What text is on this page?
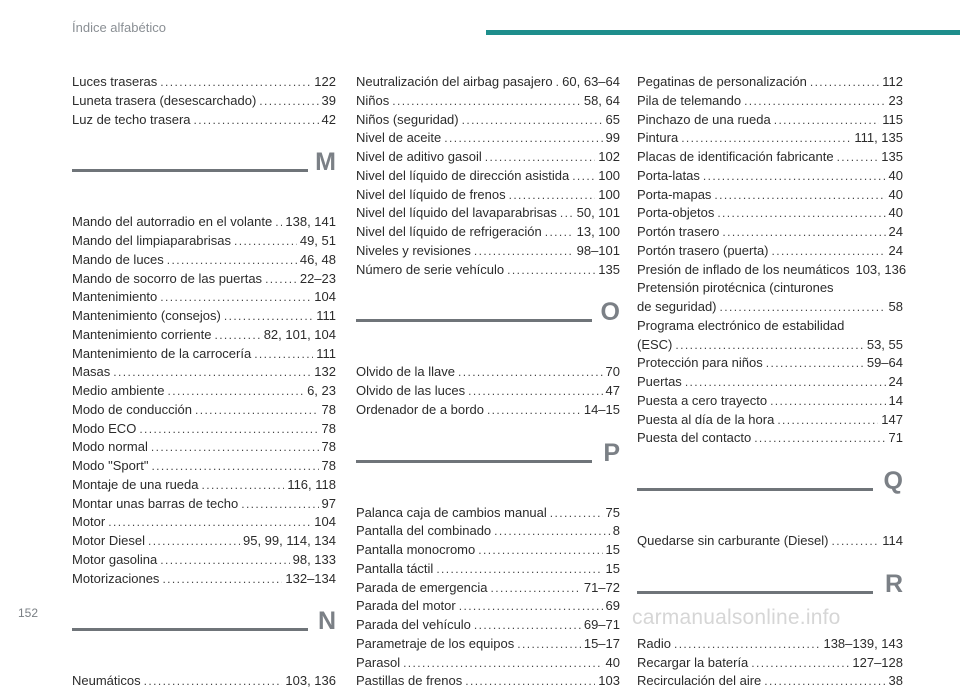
Índice alfabético
Luces traseras .....	122
Luneta trasera (desescarchado) .....	39
Luz de techo trasera .....	42
M
Mando del autorradio en el volante ..... 138, 141
Mando del limpiaparabrisas .....	49, 51
Mando de luces .....	46, 48
Mando de socorro de las puertas .....	22–23
Mantenimiento .....	104
Mantenimiento (consejos) .....	111
Mantenimiento corriente .....	82, 101, 104
Mantenimiento de la carrocería .....	111
Masas .....	132
Medio ambiente .....	6, 23
Modo de conducción .....	78
Modo ECO .....	78
Modo normal .....	78
Modo "Sport" .....	78
Montaje de una rueda .....	116, 118
Montar unas barras de techo .....	97
Motor .....	104
Motor Diesel .....	95, 99, 114, 134
Motor gasolina .....	98, 133
Motorizaciones .....	132–134
N
Neumáticos .....	103, 136
Neutralización del airbag pasajero ..... 60, 63–64
Niños .....	58, 64
Niños (seguridad) .....	65
Nivel de aceite .....	99
Nivel de aditivo gasoil .....	102
Nivel del líquido de dirección asistida ..... 100
Nivel del líquido de frenos .....	100
Nivel del líquido del lavaparabrisas ..... 50, 101
Nivel del líquido de refrigeración .....	13, 100
Niveles y revisiones .....	98–101
Número de serie vehículo .....	135
O
Olvido de la llave .....	70
Olvido de las luces .....	47
Ordenador de a bordo .....	14–15
P
Palanca caja de cambios manual .....	75
Pantalla del combinado .....	8
Pantalla monocromo .....	15
Pantalla táctil .....	15
Parada de emergencia .....	71–72
Parada del motor .....	69
Parada del vehículo .....	69–71
Parametraje de los equipos .....	15–17
Parasol .....	40
Pastillas de frenos .....	103
Pegatinas de personalización .....	112
Pila de telemando .....	23
Pinchazo de una rueda .....	115
Pintura .....	111, 135
Placas de identificación fabricante .....	135
Porta-latas .....	40
Porta-mapas .....	40
Porta-objetos .....	40
Portón trasero .....	24
Portón trasero (puerta) .....	24
Presión de inflado de los neumáticos 103, 136
Pretensión pirotécnica (cinturones
de seguridad) .....	58
Programa electrónico de estabilidad
(ESC) .....	53, 55
Protección para niños .....	59–64
Puertas .....	24
Puesta a cero trayecto .....	14
Puesta al día de la hora .....	147
Puesta del contacto .....	71
Q
Quedarse sin carburante (Diesel) .....	114
R
Radio .....	138–139, 143
Recargar la batería .....	127–128
Recirculación del aire .....	38
152	carmanualsonline.info
